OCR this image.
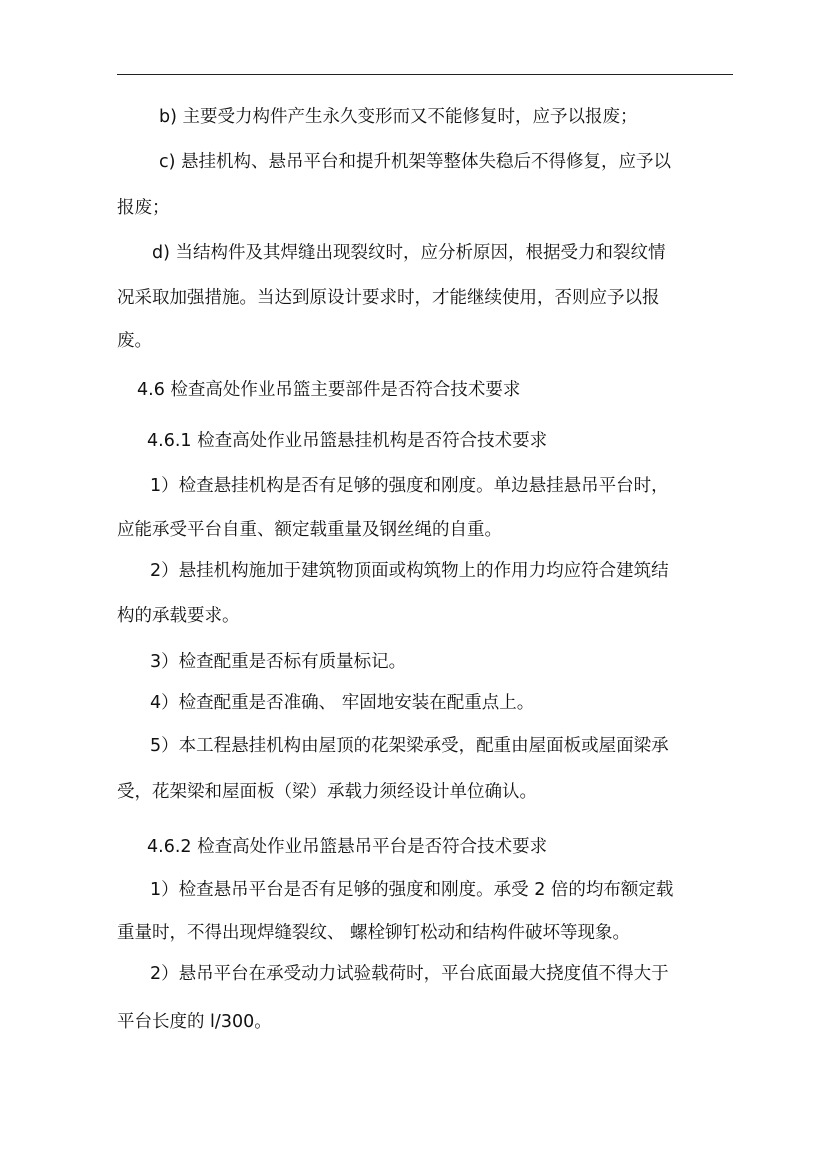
b) 主要受力构件产生永久变形而又不能修复时，应予以报废；

c) 悬挂机构、悬吊平台和提升机架等整体失稳后不得修复，应予以

报废；

d) 当结构件及其焊缝出现裂纹时，应分析原因，根据受力和裂纹情

况采取加强措施。当达到原设计要求时，才能继续使用，否则应予以报

废。

4.6 检查高处作业吊篮主要部件是否符合技术要求

4.6.1 检查高处作业吊篮悬挂机构是否符合技术要求

1）检查悬挂机构是否有足够的强度和刚度。单边悬挂悬吊平台时，

应能承受平台自重、额定载重量及钢丝绳的自重。

2）悬挂机构施加于建筑物顶面或构筑物上的作用力均应符合建筑结

构的承载要求。

3）检查配重是否标有质量标记。

4）检查配重是否准确、 牢固地安装在配重点上。

5）本工程悬挂机构由屋顶的花架梁承受，配重由屋面板或屋面梁承

受，花架梁和屋面板（梁）承载力须经设计单位确认。

4.6.2 检查高处作业吊篮悬吊平台是否符合技术要求

1）检查悬吊平台是否有足够的强度和刚度。承受 2 倍的均布额定载

重量时，不得出现焊缝裂纹、 螺栓铆钉松动和结构件破坏等现象。

2）悬吊平台在承受动力试验载荷时，平台底面最大挠度值不得大于

平台长度的 l/300。
